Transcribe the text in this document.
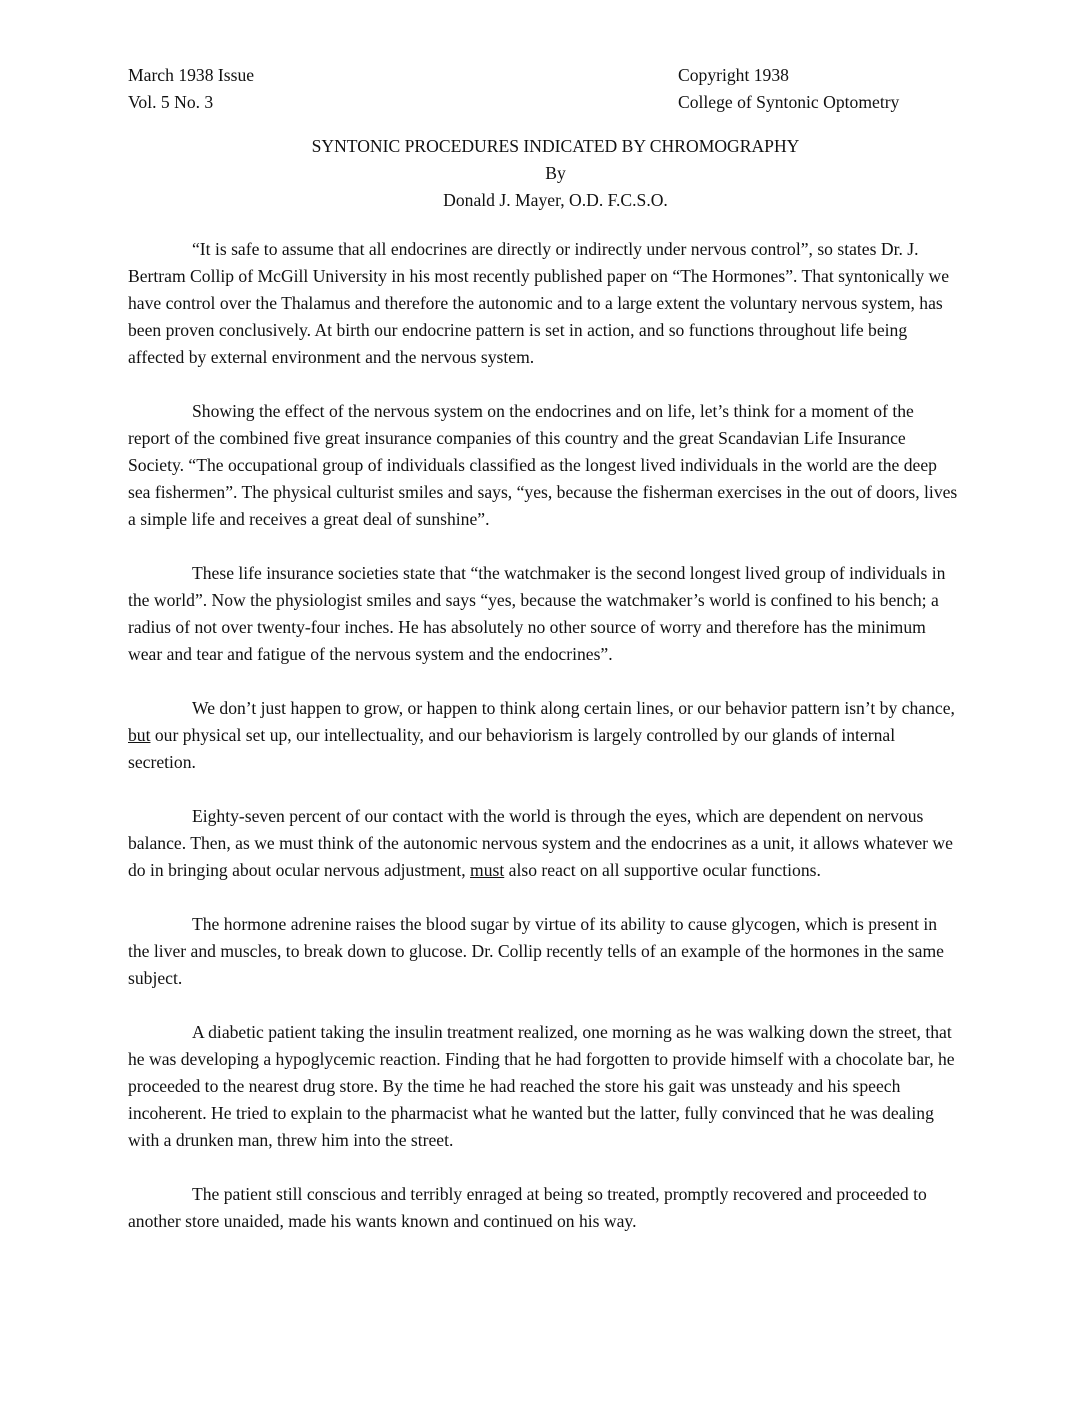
March 1938 Issue
Vol. 5 No. 3
Copyright 1938
College of Syntonic Optometry
SYNTONIC PROCEDURES INDICATED BY CHROMOGRAPHY
By
Donald J. Mayer, O.D. F.C.S.O.

“It is safe to assume that all endocrines are directly or indirectly under nervous control”, so states Dr. J. Bertram Collip of McGill University in his most recently published paper on “The Hormones”. That syntonically we have control over the Thalamus and therefore the autonomic and to a large extent the voluntary nervous system, has been proven conclusively. At birth our endocrine pattern is set in action, and so functions throughout life being affected by external environment and the nervous system.

Showing the effect of the nervous system on the endocrines and on life, let’s think for a moment of the report of the combined five great insurance companies of this country and the great Scandavian Life Insurance Society. “The occupational group of individuals classified as the longest lived individuals in the world are the deep sea fishermen”. The physical culturist smiles and says, “yes, because the fisherman exercises in the out of doors, lives a simple life and receives a great deal of sunshine”.

These life insurance societies state that “the watchmaker is the second longest lived group of individuals in the world”. Now the physiologist smiles and says “yes, because the watchmaker’s world is confined to his bench; a radius of not over twenty-four inches. He has absolutely no other source of worry and therefore has the minimum wear and tear and fatigue of the nervous system and the endocrines”.

We don’t just happen to grow, or happen to think along certain lines, or our behavior pattern isn’t by chance, but our physical set up, our intellectuality, and our behaviorism is largely controlled by our glands of internal secretion.

Eighty-seven percent of our contact with the world is through the eyes, which are dependent on nervous balance. Then, as we must think of the autonomic nervous system and the endocrines as a unit, it allows whatever we do in bringing about ocular nervous adjustment, must also react on all supportive ocular functions.

The hormone adrenine raises the blood sugar by virtue of its ability to cause glycogen, which is present in the liver and muscles, to break down to glucose. Dr. Collip recently tells of an example of the hormones in the same subject.

A diabetic patient taking the insulin treatment realized, one morning as he was walking down the street, that he was developing a hypoglycemic reaction. Finding that he had forgotten to provide himself with a chocolate bar, he proceeded to the nearest drug store. By the time he had reached the store his gait was unsteady and his speech incoherent. He tried to explain to the pharmacist what he wanted but the latter, fully convinced that he was dealing with a drunken man, threw him into the street.

The patient still conscious and terribly enraged at being so treated, promptly recovered and proceeded to another store unaided, made his wants known and continued on his way.
